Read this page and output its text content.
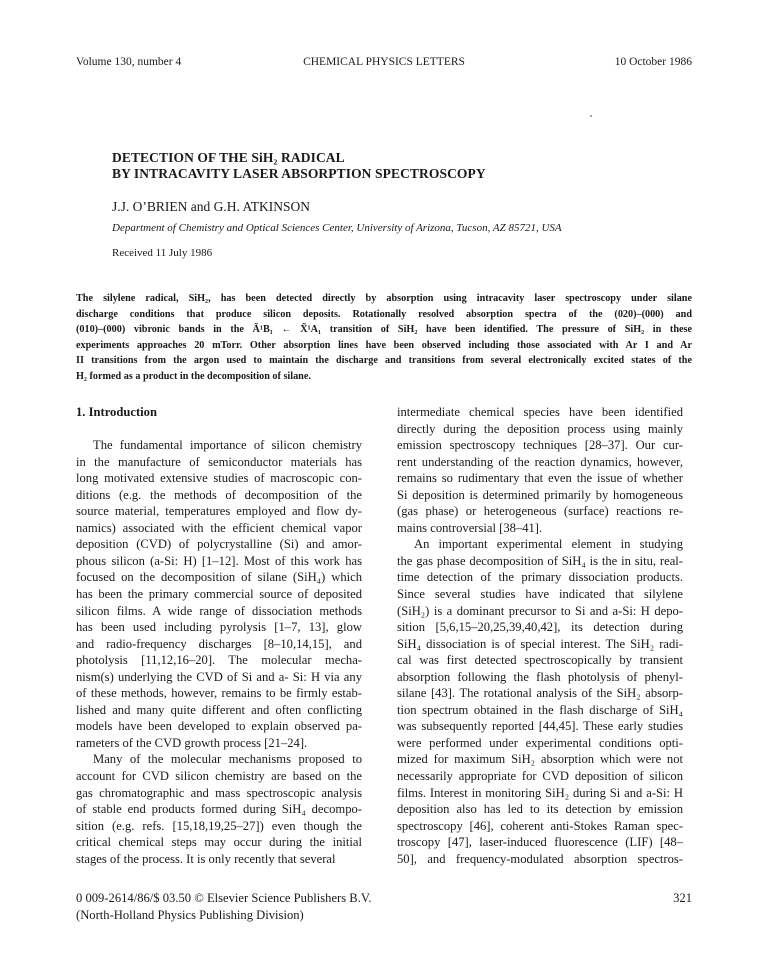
Volume 130, number 4	CHEMICAL PHYSICS LETTERS	10 October 1986
DETECTION OF THE SiH₂ RADICAL
BY INTRACAVITY LASER ABSORPTION SPECTROSCOPY
J.J. O’BRIEN and G.H. ATKINSON
Department of Chemistry and Optical Sciences Center, University of Arizona, Tucson, AZ 85721, USA
Received 11 July 1986
The silylene radical, SiH₂, has been detected directly by absorption using intracavity laser spectroscopy under silane
discharge conditions that produce silicon deposits. Rotationally resolved absorption spectra of the (020)–(000) and
(010)–(000) vibronic bands in the Ã¹B₁ ← X̃¹A₁ transition of SiH₂ have been identified. The pressure of SiH₂ in these
experiments approaches 20 mTorr. Other absorption lines have been observed including those associated with Ar I and Ar
II transitions from the argon used to maintain the discharge and transitions from several electronically excited states of the
H₂ formed as a product in the decomposition of silane.
1. Introduction
The fundamental importance of silicon chemistry
in the manufacture of semiconductor materials has
long motivated extensive studies of macroscopic con-
ditions (e.g. the methods of decomposition of the
source material, temperatures employed and flow dy-
namics) associated with the efficient chemical vapor
deposition (CVD) of polycrystalline (Si) and amor-
phous silicon (a-Si: H) [1–12]. Most of this work has
focused on the decomposition of silane (SiH₄) which
has been the primary commercial source of deposited
silicon films. A wide range of dissociation methods
has been used including pyrolysis [1–7, 13], glow
and radio-frequency discharges [8–10,14,15], and
photolysis [11,12,16–20]. The molecular mecha-
nism(s) underlying the CVD of Si and a- Si: H via any
of these methods, however, remains to be firmly estab-
lished and many quite different and often conflicting
models have been developed to explain observed pa-
rameters of the CVD growth process [21–24].
Many of the molecular mechanisms proposed to
account for CVD silicon chemistry are based on the
gas chromatographic and mass spectroscopic analysis
of stable end products formed during SiH₄ decompo-
sition (e.g. refs. [15,18,19,25–27]) even though the
critical chemical steps may occur during the initial
stages of the process. It is only recently that several
intermediate chemical species have been identified
directly during the deposition process using mainly
emission spectroscopy techniques [28–37]. Our cur-
rent understanding of the reaction dynamics, however,
remains so rudimentary that even the issue of whether
Si deposition is determined primarily by homogeneous
(gas phase) or heterogeneous (surface) reactions re-
mains controversial [38–41].
An important experimental element in studying
the gas phase decomposition of SiH₄ is the in situ, real-
time detection of the primary dissociation products.
Since several studies have indicated that silylene
(SiH₂) is a dominant precursor to Si and a-Si: H depo-
sition [5,6,15–20,25,39,40,42], its detection during
SiH₄ dissociation is of special interest. The SiH₂ radi-
cal was first detected spectroscopically by transient
absorption following the flash photolysis of phenyl-
silane [43]. The rotational analysis of the SiH₂ absorp-
tion spectrum obtained in the flash discharge of SiH₄
was subsequently reported [44,45]. These early studies
were performed under experimental conditions opti-
mized for maximum SiH₂ absorption which were not
necessarily appropriate for CVD deposition of silicon
films. Interest in monitoring SiH₂ during Si and a-Si: H
deposition also has led to its detection by emission
spectroscopy [46], coherent anti-Stokes Raman spec-
troscopy [47], laser-induced fluorescence (LIF) [48–
50], and frequency-modulated absorption spectros-
0 009-2614/86/$ 03.50 © Elsevier Science Publishers B.V.
(North-Holland Physics Publishing Division)
321
